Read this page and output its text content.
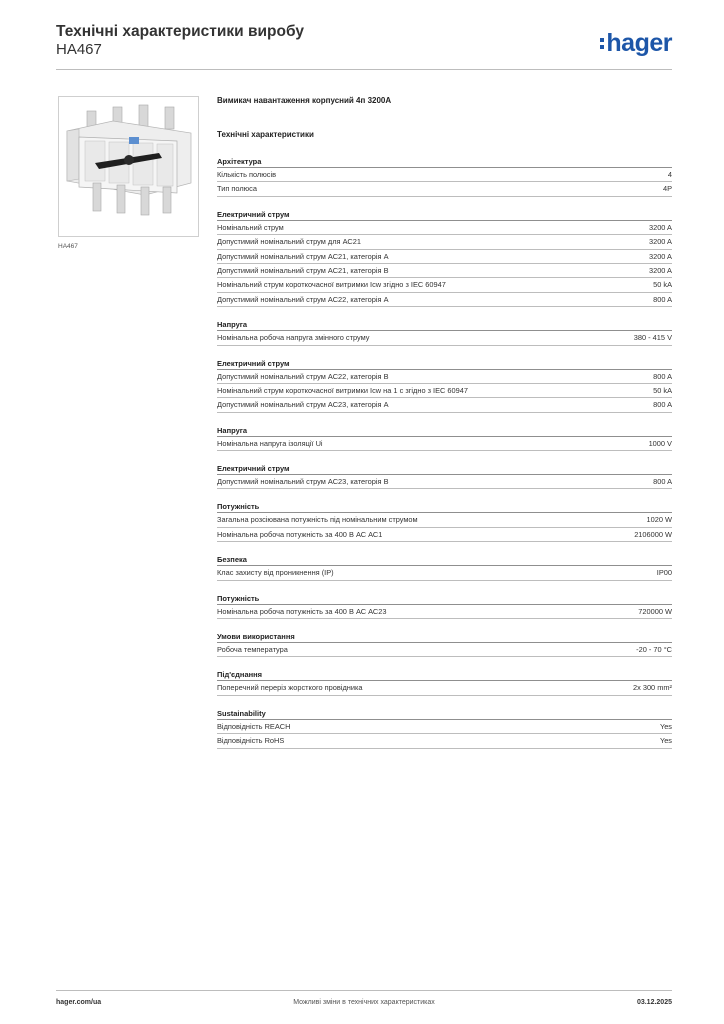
Технічні характеристики виробу
HA467	hager
HA467
Вимикач навантаження корпусний 4п 3200А
Технічні характеристики
Архітектура
Кількість полюсів	4
Тип полюса	4P
Електричний струм
Номінальний струм	3200 A
Допустимий номінальний струм для АС21	3200 A
Допустимий номінальний струм АС21, категорія А	3200 A
Допустимий номінальний струм АС21, категорія В	3200 A
Номінальний струм короткочасної витримки Icw згідно з IEC 60947	50 kA
Допустимий номінальний струм АС22, категорія А	800 A
Напруга
Номінальна робоча напруга змінного струму	380 - 415 V
Електричний струм
Допустимий номінальний струм АС22, категорія В	800 A
Номінальний струм короткочасної витримки Icw на 1 с згідно з IEC 60947	50 kA
Допустимий номінальний струм АС23, категорія А	800 A
Напруга
Номінальна напруга ізоляції Ui	1000 V
Електричний струм
Допустимий номінальний струм АС23, категорія В	800 A
Потужність
Загальна розсіювана потужність під номінальним струмом	1020 W
Номінальна робоча потужність за 400 В АС АС1	2106000 W
Безпека
Клас захисту від проникнення (IP)	IP00
Потужність
Номінальна робоча потужність за 400 В АС АС23	720000 W
Умови використання
Робоча температура	-20 - 70 °C
Під'єднання
Поперечний переріз жорсткого провідника	2x 300 mm²
Sustainability
Відповідність REACH	Yes
Відповідність RoHS	Yes
hager.com/ua	Можливі зміни в технічних характеристиках	03.12.2025
